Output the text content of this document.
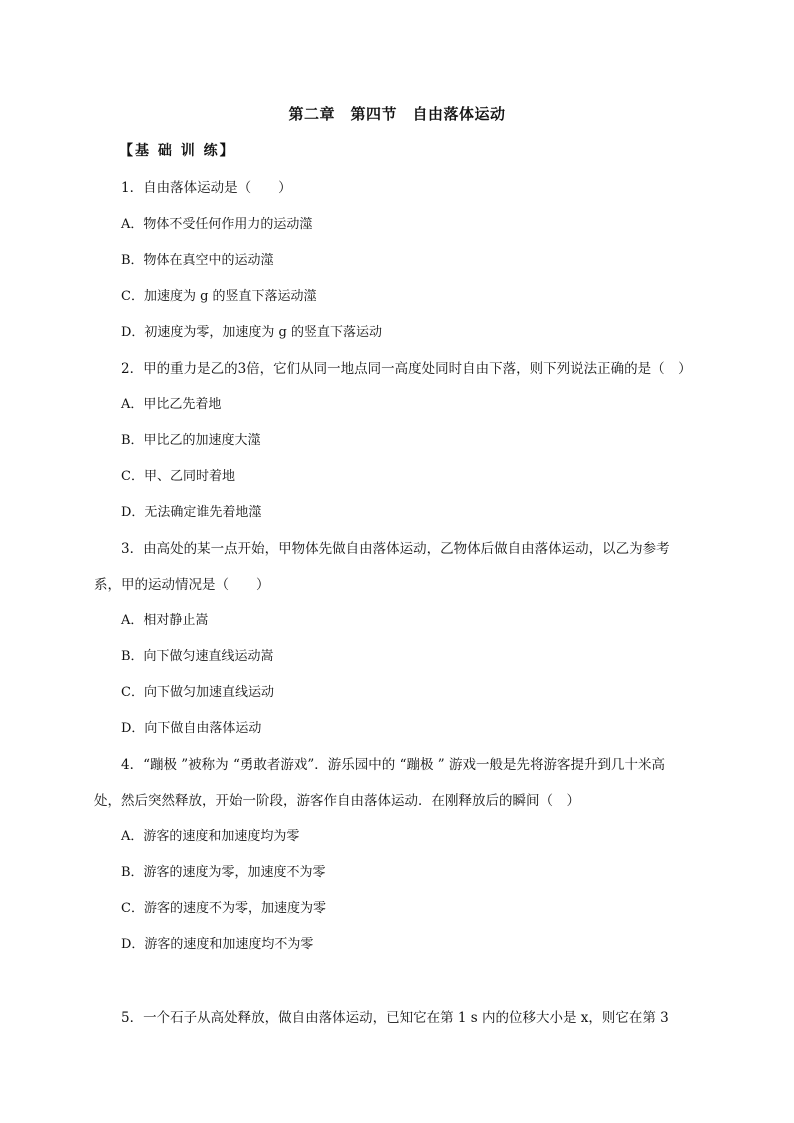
第二章　第四节　自由落体运动
【基 础 训 练】
1．自由落体运动是（　　）
A．物体不受任何作用力的运动澨
B．物体在真空中的运动澨
C．加速度为 g 的竖直下落运动澨
D．初速度为零，加速度为 g 的竖直下落运动
2．甲的重力是乙的3倍，它们从同一地点同一高度处同时自由下落，则下列说法正确的是（　）
A．甲比乙先着地
B．甲比乙的加速度大澨
C．甲、乙同时着地
D．无法确定谁先着地澨
3．由高处的某一点开始，甲物体先做自由落体运动，乙物体后做自由落体运动，以乙为参考
系，甲的运动情况是（　　）
A．相对静止嵩
B．向下做匀速直线运动嵩
C．向下做匀加速直线运动
D．向下做自由落体运动
4．“蹦极 ”被称为 “勇敢者游戏”．游乐园中的 “蹦极 ” 游戏一般是先将游客提升到几十米高
处，然后突然释放，开始一阶段，游客作自由落体运动．在刚释放后的瞬间（　）
A．游客的速度和加速度均为零
B．游客的速度为零，加速度不为零
C．游客的速度不为零，加速度为零
D．游客的速度和加速度均不为零
5．一个石子从高处释放，做自由落体运动，已知它在第 1 s 内的位移大小是 x，则它在第 3
